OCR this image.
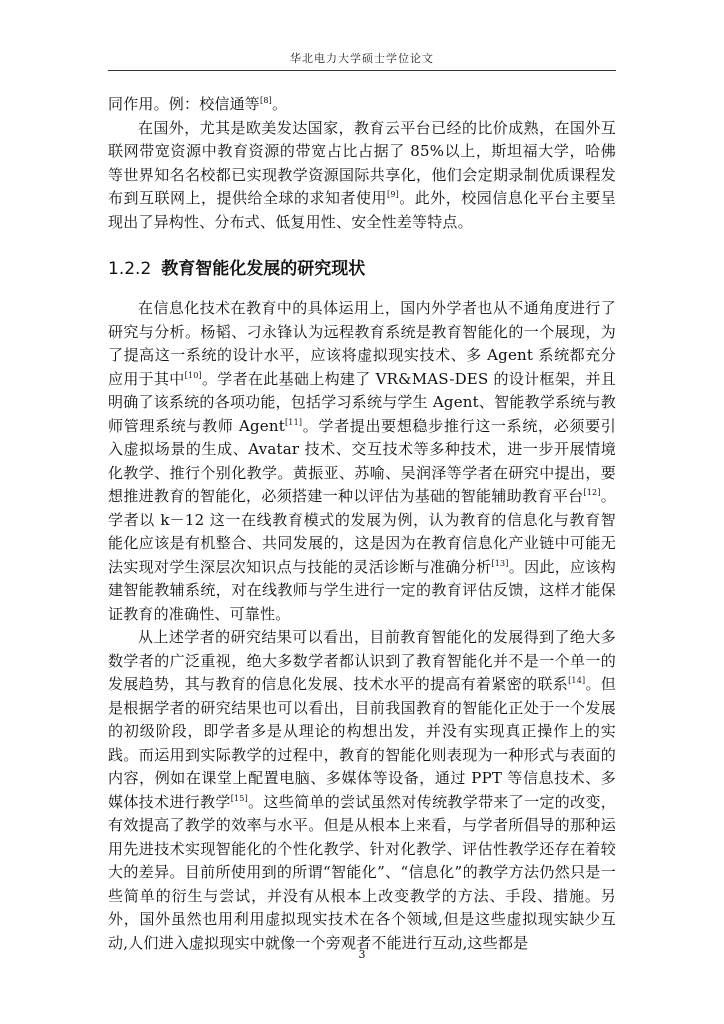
华北电力大学硕士学位论文

同作用。例：校信通等[8]。

在国外，尤其是欧美发达国家，教育云平台已经的比价成熟，在国外互联网带宽资源中教育资源的带宽占比占据了 85%以上，斯坦福大学，哈佛等世界知名名校都已实现教学资源国际共享化，他们会定期录制优质课程发布到互联网上，提供给全球的求知者使用[9]。此外，校园信息化平台主要呈现出了异构性、分布式、低复用性、安全性差等特点。

1.2.2 教育智能化发展的研究现状

在信息化技术在教育中的具体运用上，国内外学者也从不通角度进行了研究与分析。杨韬、刁永锋认为远程教育系统是教育智能化的一个展现，为了提高这一系统的设计水平，应该将虚拟现实技术、多 Agent 系统都充分应用于其中[10]。学者在此基础上构建了 VR&MAS-DES 的设计框架，并且明确了该系统的各项功能，包括学习系统与学生 Agent、智能教学系统与教师管理系统与教师 Agent[11]。学者提出要想稳步推行这一系统，必须要引入虚拟场景的生成、Avatar 技术、交互技术等多种技术，进一步开展情境化教学、推行个别化教学。黄振亚、苏喻、吴润泽等学者在研究中提出，要想推进教育的智能化，必须搭建一种以评估为基础的智能辅助教育平台[12]。学者以 k－12 这一在线教育模式的发展为例，认为教育的信息化与教育智能化应该是有机整合、共同发展的，这是因为在教育信息化产业链中可能无法实现对学生深层次知识点与技能的灵活诊断与准确分析[13]。因此，应该构建智能教辅系统，对在线教师与学生进行一定的教育评估反馈，这样才能保证教育的准确性、可靠性。

从上述学者的研究结果可以看出，目前教育智能化的发展得到了绝大多数学者的广泛重视，绝大多数学者都认识到了教育智能化并不是一个单一的发展趋势，其与教育的信息化发展、技术水平的提高有着紧密的联系[14]。但是根据学者的研究结果也可以看出，目前我国教育的智能化正处于一个发展的初级阶段，即学者多是从理论的构想出发，并没有实现真正操作上的实践。而运用到实际教学的过程中，教育的智能化则表现为一种形式与表面的内容，例如在课堂上配置电脑、多媒体等设备，通过 PPT 等信息技术、多媒体技术进行教学[15]。这些简单的尝试虽然对传统教学带来了一定的改变，有效提高了教学的效率与水平。但是从根本上来看，与学者所倡导的那种运用先进技术实现智能化的个性化教学、针对化教学、评估性教学还存在着较大的差异。目前所使用到的所谓“智能化”、“信息化”的教学方法仍然只是一些简单的衍生与尝试，并没有从根本上改变教学的方法、手段、措施。另外，国外虽然也用利用虚拟现实技术在各个领域,但是这些虚拟现实缺少互动,人们进入虚拟现实中就像一个旁观者不能进行互动,这些都是

3
